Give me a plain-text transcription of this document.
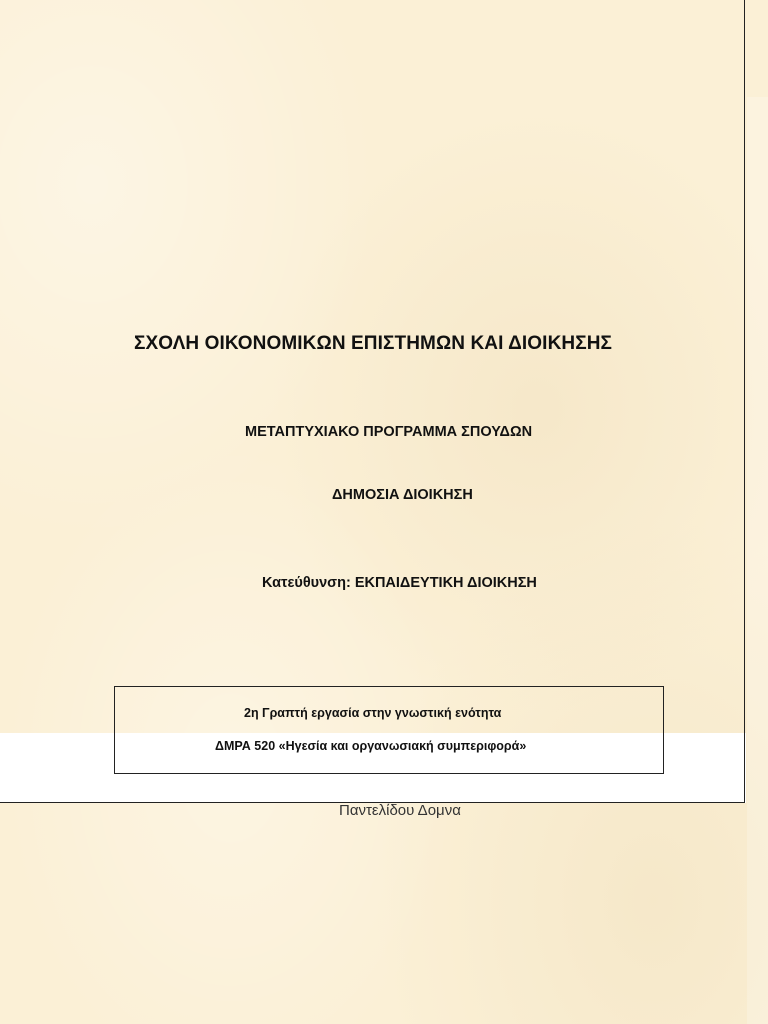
ΣΧΟΛΗ ΟΙΚΟΝΟΜΙΚΩΝ ΕΠΙΣΤΗΜΩΝ ΚΑΙ ΔΙΟΙΚΗΣΗΣ
ΜΕΤΑΠΤΥΧΙΑΚΟ ΠΡΟΓΡΑΜΜΑ ΣΠΟΥΔΩΝ
ΔΗΜΟΣΙΑ ΔΙΟΙΚΗΣΗ
Κατεύθυνση: ΕΚΠΑΙΔΕΥΤΙΚΗ ΔΙΟΙΚΗΣΗ
2η Γραπτή εργασία στην γνωστική ενότητα
ΔΜΡΑ 520 «Ηγεσία και οργανωσιακή συμπεριφορά»
Παντελίδου Δομνα
